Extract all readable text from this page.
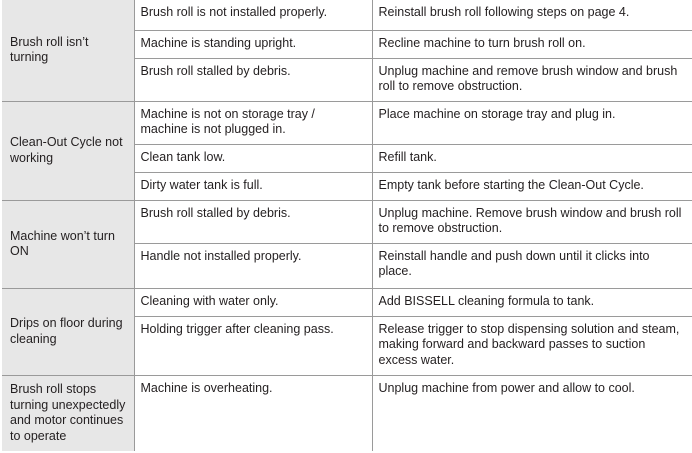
Brush roll isn’t turning	Brush roll is not installed properly.	Reinstall brush roll following steps on page 4.
	Machine is standing upright.	Recline machine to turn brush roll on.
	Brush roll stalled by debris.	Unplug machine and remove brush window and brush roll to remove obstruction.
Clean-Out Cycle not working	Machine is not on storage tray / machine is not plugged in.	Place machine on storage tray and plug in.
	Clean tank low.	Refill tank.
	Dirty water tank is full.	Empty tank before starting the Clean-Out Cycle.
Machine won’t turn ON	Brush roll stalled by debris.	Unplug machine. Remove brush window and brush roll to remove obstruction.
	Handle not installed properly.	Reinstall handle and push down until it clicks into place.
Drips on floor during cleaning	Cleaning with water only.	Add BISSELL cleaning formula to tank.
	Holding trigger after cleaning pass.	Release trigger to stop dispensing solution and steam, making forward and backward passes to suction excess water.
Brush roll stops turning unexpectedly and motor continues to operate	Machine is overheating.	Unplug machine from power and allow to cool.
